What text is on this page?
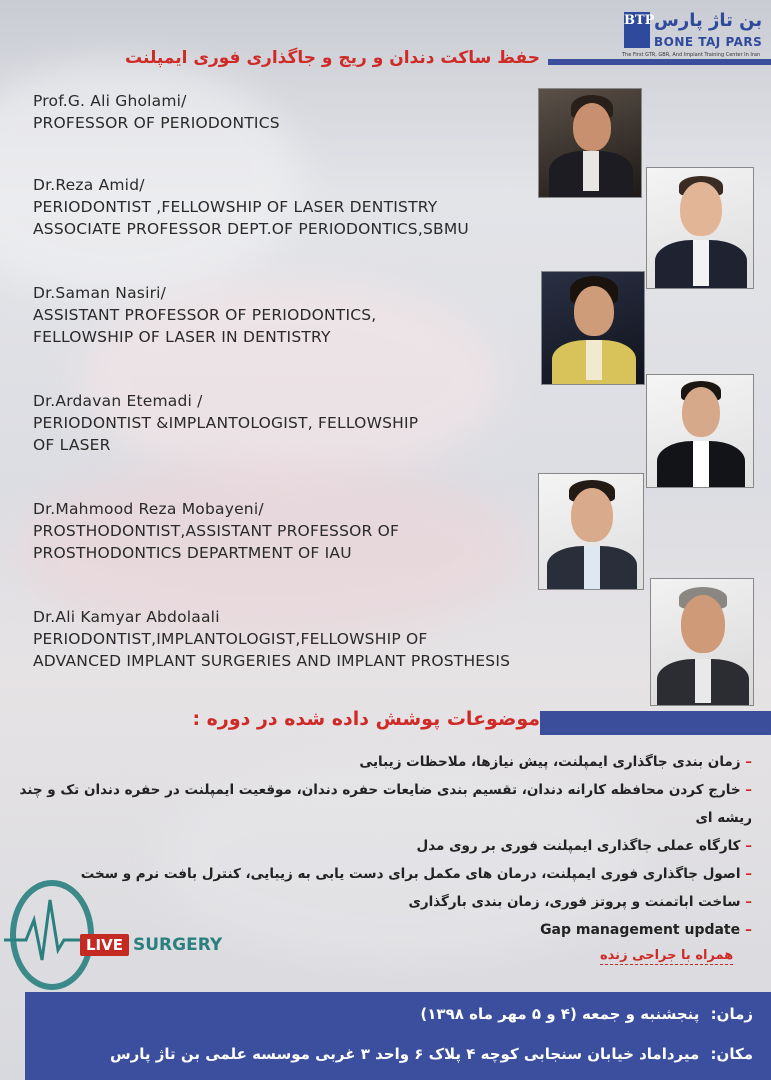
BTP بن تاژ پارس
BONE TAJ PARS
The First GTR, GBR, And Implant Training Center In Iran
حفظ ساکت دندان و ریج و جاگذاری فوری ایمپلنت
Prof.G. Ali Gholami/
PROFESSOR OF PERIODONTICS
Dr.Reza Amid/
PERIODONTIST ,FELLOWSHIP OF LASER DENTISTRY
ASSOCIATE PROFESSOR DEPT.OF PERIODONTICS,SBMU
Dr.Saman Nasiri/
ASSISTANT PROFESSOR OF PERIODONTICS,
FELLOWSHIP OF LASER IN DENTISTRY
Dr.Ardavan Etemadi /
PERIODONTIST &IMPLANTOLOGIST, FELLOWSHIP
OF LASER
Dr.Mahmood Reza Mobayeni/
PROSTHODONTIST,ASSISTANT PROFESSOR OF
PROSTHODONTICS DEPARTMENT OF IAU
Dr.Ali Kamyar Abdolaali
PERIODONTIST,IMPLANTOLOGIST,FELLOWSHIP OF
ADVANCED IMPLANT SURGERIES AND IMPLANT PROSTHESIS
موضوعات پوشش داده شده در دوره :
– زمان بندی جاگذاری ایمپلنت، پیش نیازها، ملاحظات زیبایی
– خارج کردن محافظه کارانه دندان، تقسیم بندی ضایعات حفره دندان، موقعیت ایمپلنت در حفره دندان تک و چند ریشه ای
– کارگاه عملی جاگذاری ایمپلنت فوری بر روی مدل
– اصول جاگذاری فوری ایمپلنت، درمان های مکمل برای دست یابی به زیبایی، کنترل بافت نرم و سخت
– ساخت اباتمنت و پروتز فوری، زمان بندی بارگذاری
Gap management update –
همراه با جراحی زنده
LIVE SURGERY
زمان: پنجشنبه و جمعه (۴ و ۵ مهر ماه ۱۳۹۸)
مکان: میرداماد خیابان سنجابی کوچه ۴ پلاک ۶ واحد ۳ غربی موسسه علمی بن تاژ پارس
